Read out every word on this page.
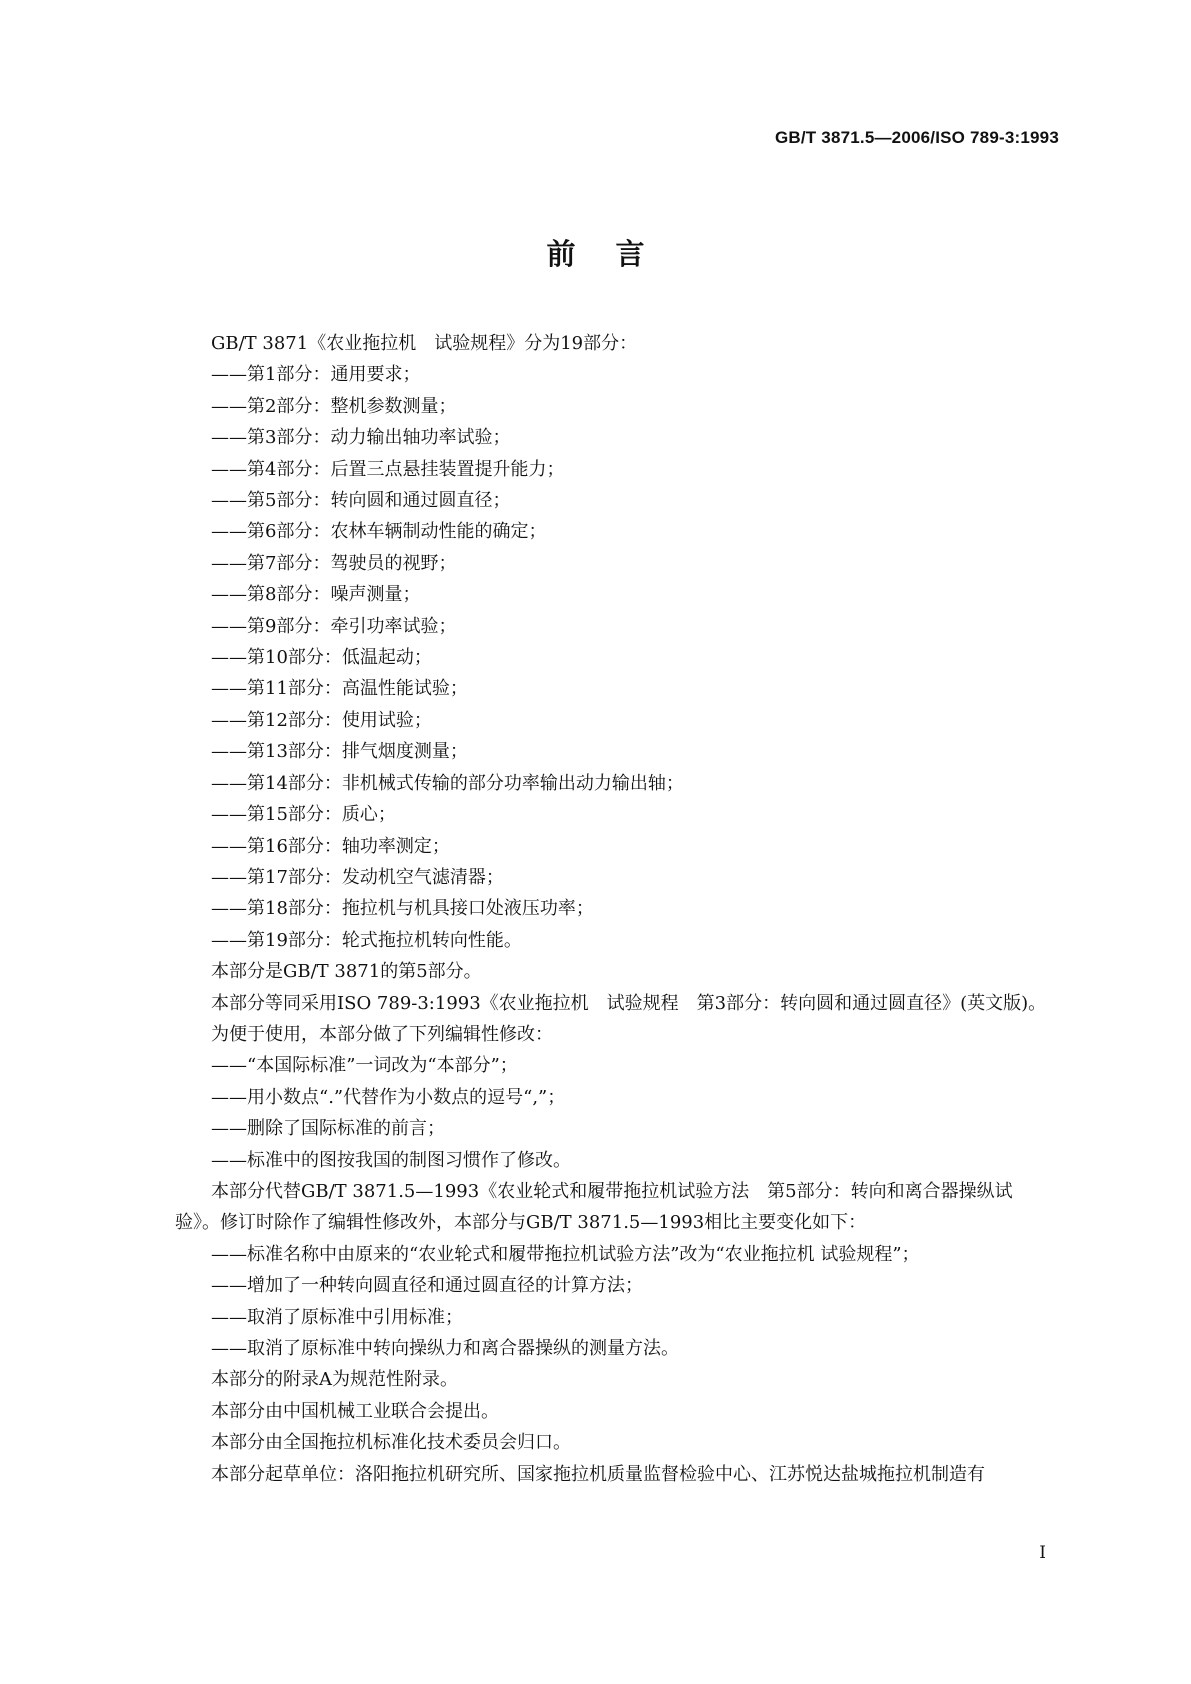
GB/T 3871.5—2006/ISO 789-3:1993
前言
GB/T 3871《农业拖拉机　试验规程》分为19部分：
——第1部分：通用要求；
——第2部分：整机参数测量；
——第3部分：动力输出轴功率试验；
——第4部分：后置三点悬挂装置提升能力；
——第5部分：转向圆和通过圆直径；
——第6部分：农林车辆制动性能的确定；
——第7部分：驾驶员的视野；
——第8部分：噪声测量；
——第9部分：牵引功率试验；
——第10部分：低温起动；
——第11部分：高温性能试验；
——第12部分：使用试验；
——第13部分：排气烟度测量；
——第14部分：非机械式传输的部分功率输出动力输出轴；
——第15部分：质心；
——第16部分：轴功率测定；
——第17部分：发动机空气滤清器；
——第18部分：拖拉机与机具接口处液压功率；
——第19部分：轮式拖拉机转向性能。
本部分是GB/T 3871的第5部分。
本部分等同采用ISO 789-3:1993《农业拖拉机　试验规程　第3部分：转向圆和通过圆直径》(英文版)。
为便于使用，本部分做了下列编辑性修改：
——“本国际标准”一词改为“本部分”；
——用小数点“.”代替作为小数点的逗号“,”；
——删除了国际标准的前言；
——标准中的图按我国的制图习惯作了修改。
本部分代替GB/T 3871.5—1993《农业轮式和履带拖拉机试验方法　第5部分：转向和离合器操纵试验》。修订时除作了编辑性修改外，本部分与GB/T 3871.5—1993相比主要变化如下：
——标准名称中由原来的“农业轮式和履带拖拉机试验方法”改为“农业拖拉机 试验规程”；
——增加了一种转向圆直径和通过圆直径的计算方法；
——取消了原标准中引用标准；
——取消了原标准中转向操纵力和离合器操纵的测量方法。
本部分的附录A为规范性附录。
本部分由中国机械工业联合会提出。
本部分由全国拖拉机标准化技术委员会归口。
本部分起草单位：洛阳拖拉机研究所、国家拖拉机质量监督检验中心、江苏悦达盐城拖拉机制造有
I
